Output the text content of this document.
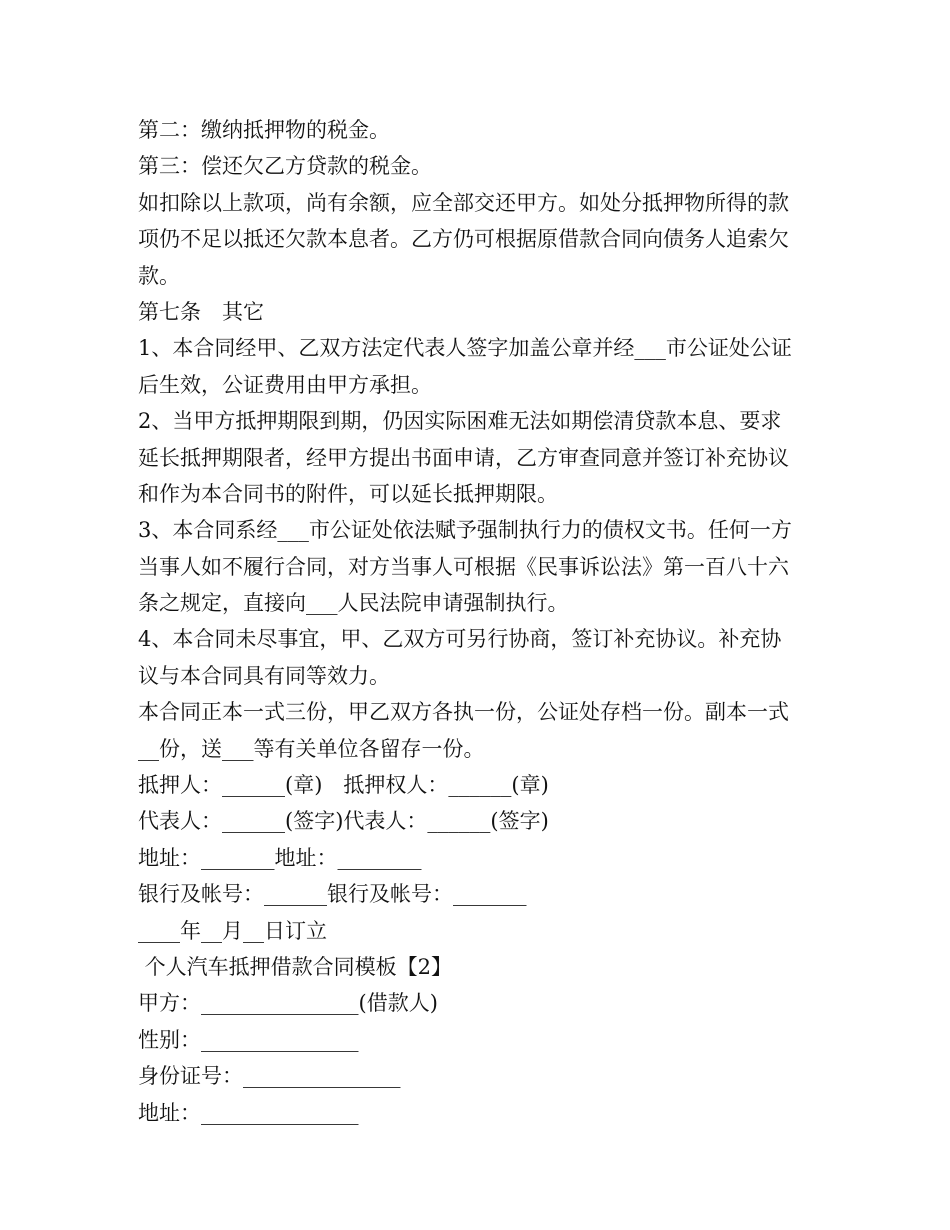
第二：缴纳抵押物的税金。
第三：偿还欠乙方贷款的税金。
如扣除以上款项，尚有余额，应全部交还甲方。如处分抵押物所得的款
项仍不足以抵还欠款本息者。乙方仍可根据原借款合同向债务人追索欠
款。
第七条　其它
1、本合同经甲、乙双方法定代表人签字加盖公章并经___市公证处公证
后生效，公证费用由甲方承担。
2、当甲方抵押期限到期，仍因实际困难无法如期偿清贷款本息、要求
延长抵押期限者，经甲方提出书面申请，乙方审查同意并签订补充协议
和作为本合同书的附件，可以延长抵押期限。
3、本合同系经___市公证处依法赋予强制执行力的债权文书。任何一方
当事人如不履行合同，对方当事人可根据《民事诉讼法》第一百八十六
条之规定，直接向___人民法院申请强制执行。
4、本合同未尽事宜，甲、乙双方可另行协商，签订补充协议。补充协
议与本合同具有同等效力。
本合同正本一式三份，甲乙双方各执一份，公证处存档一份。副本一式
__份，送___等有关单位各留存一份。
抵押人：______(章)　抵押权人：______(章)
代表人：______(签字)代表人：______(签字)
地址：_______地址：________
银行及帐号：______银行及帐号：_______
____年__月__日订立
个人汽车抵押借款合同模板【2】
甲方：_______________(借款人)
性别：_______________
身份证号：_______________
地址：_______________
